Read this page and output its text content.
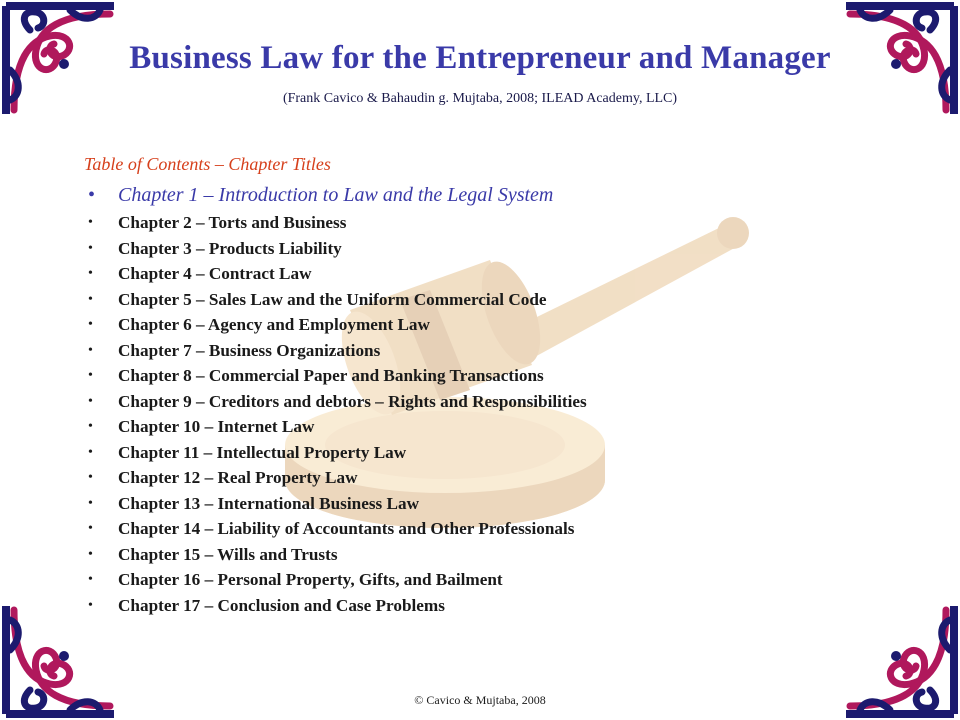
Business Law for the Entrepreneur and Manager
(Frank Cavico & Bahaudin g. Mujtaba, 2008; ILEAD Academy, LLC)
Table of Contents – Chapter Titles
• Chapter 1 – Introduction to Law and the Legal System
• Chapter 2 – Torts and Business
• Chapter 3 – Products Liability
• Chapter 4 – Contract Law
• Chapter 5 – Sales Law and the Uniform Commercial Code
• Chapter 6 – Agency and Employment Law
• Chapter 7 – Business Organizations
• Chapter 8 – Commercial Paper and Banking Transactions
• Chapter 9 – Creditors and debtors – Rights and Responsibilities
• Chapter 10 – Internet Law
• Chapter 11 – Intellectual Property Law
• Chapter 12 – Real Property Law
• Chapter 13 – International Business Law
• Chapter 14 – Liability of Accountants and Other Professionals
• Chapter 15 – Wills and Trusts
• Chapter 16 – Personal Property, Gifts, and Bailment
• Chapter 17 – Conclusion and Case Problems
© Cavico & Mujtaba, 2008
